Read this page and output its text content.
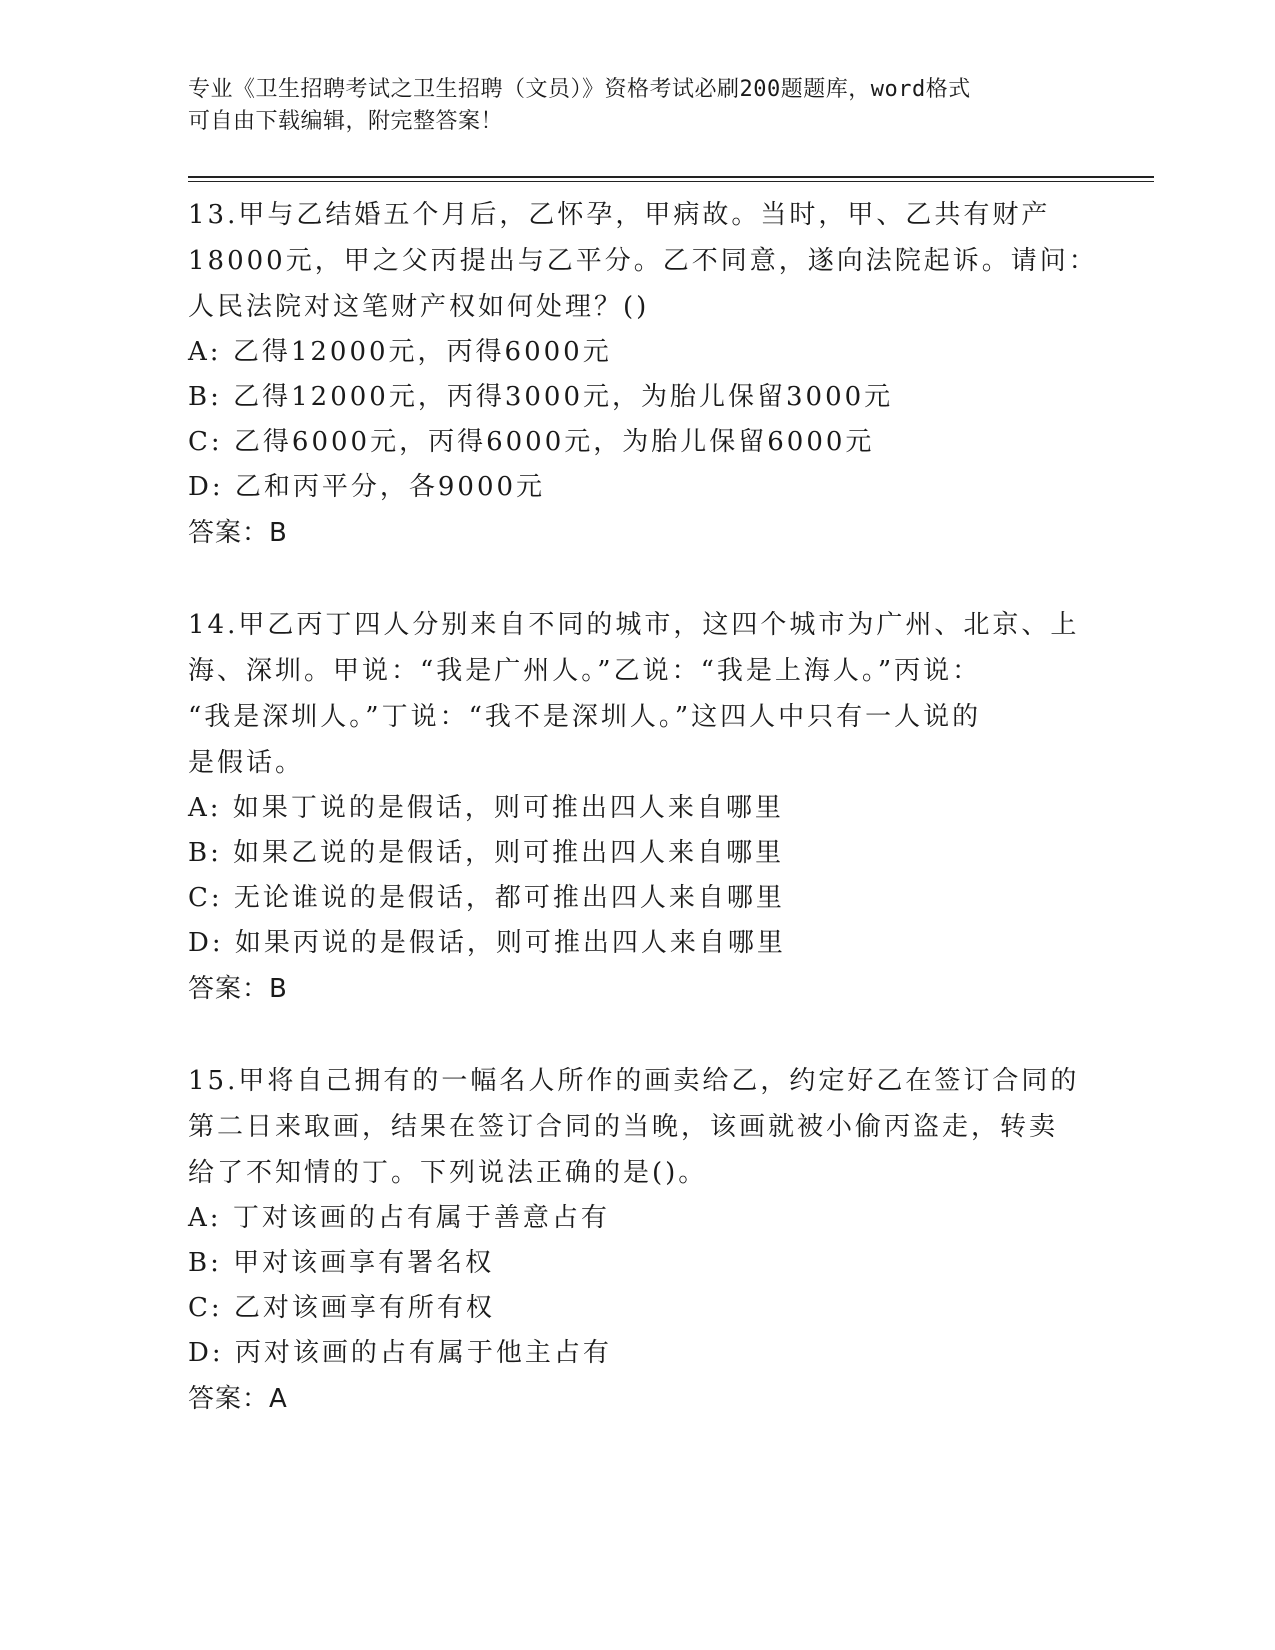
专业《卫生招聘考试之卫生招聘（文员）》资格考试必刷200题题库，word格式
可自由下载编辑，附完整答案！

13.甲与乙结婚五个月后，乙怀孕，甲病故。当时，甲、乙共有财产

18000元，甲之父丙提出与乙平分。乙不同意，遂向法院起诉。请问：

人民法院对这笔财产权如何处理？()

A: 乙得12000元，丙得6000元
B: 乙得12000元，丙得3000元，为胎儿保留3000元
C: 乙得6000元，丙得6000元，为胎儿保留6000元
D: 乙和丙平分，各9000元
答案：B

14.甲乙丙丁四人分别来自不同的城市，这四个城市为广州、北京、上

海、深圳。甲说：“我是广州人。”乙说：“我是上海人。”丙说：

“我是深圳人。”丁说：“我不是深圳人。”这四人中只有一人说的

是假话。

A: 如果丁说的是假话，则可推出四人来自哪里
B: 如果乙说的是假话，则可推出四人来自哪里
C: 无论谁说的是假话，都可推出四人来自哪里
D: 如果丙说的是假话，则可推出四人来自哪里
答案：B

15.甲将自己拥有的一幅名人所作的画卖给乙，约定好乙在签订合同的

第二日来取画，结果在签订合同的当晚，该画就被小偷丙盗走，转卖

给了不知情的丁。下列说法正确的是()。

A: 丁对该画的占有属于善意占有
B: 甲对该画享有署名权
C: 乙对该画享有所有权
D: 丙对该画的占有属于他主占有
答案：A
